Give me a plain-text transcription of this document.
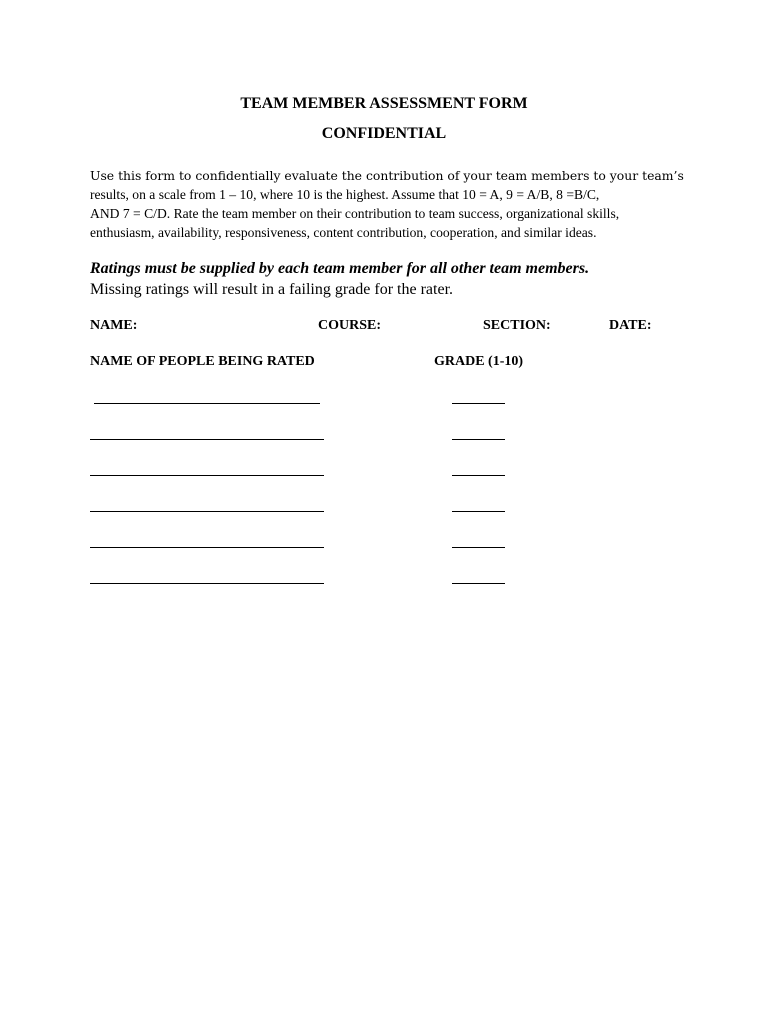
TEAM MEMBER ASSESSMENT FORM
CONFIDENTIAL
Use this form to confidentially evaluate the contribution of your team members to your team’s
results, on a scale from 1 – 10, where 10 is the highest. Assume that 10 = A, 9 = A/B, 8 =B/C,
AND 7 = C/D. Rate the team member on their contribution to team success, organizational skills,
enthusiasm, availability, responsiveness, content contribution, cooperation, and similar ideas.
Ratings must be supplied by each team member for all other team members.
Missing ratings will result in a failing grade for the rater.
NAME:	COURSE:	SECTION:	DATE:
NAME OF PEOPLE BEING RATED	GRADE (1-10)
